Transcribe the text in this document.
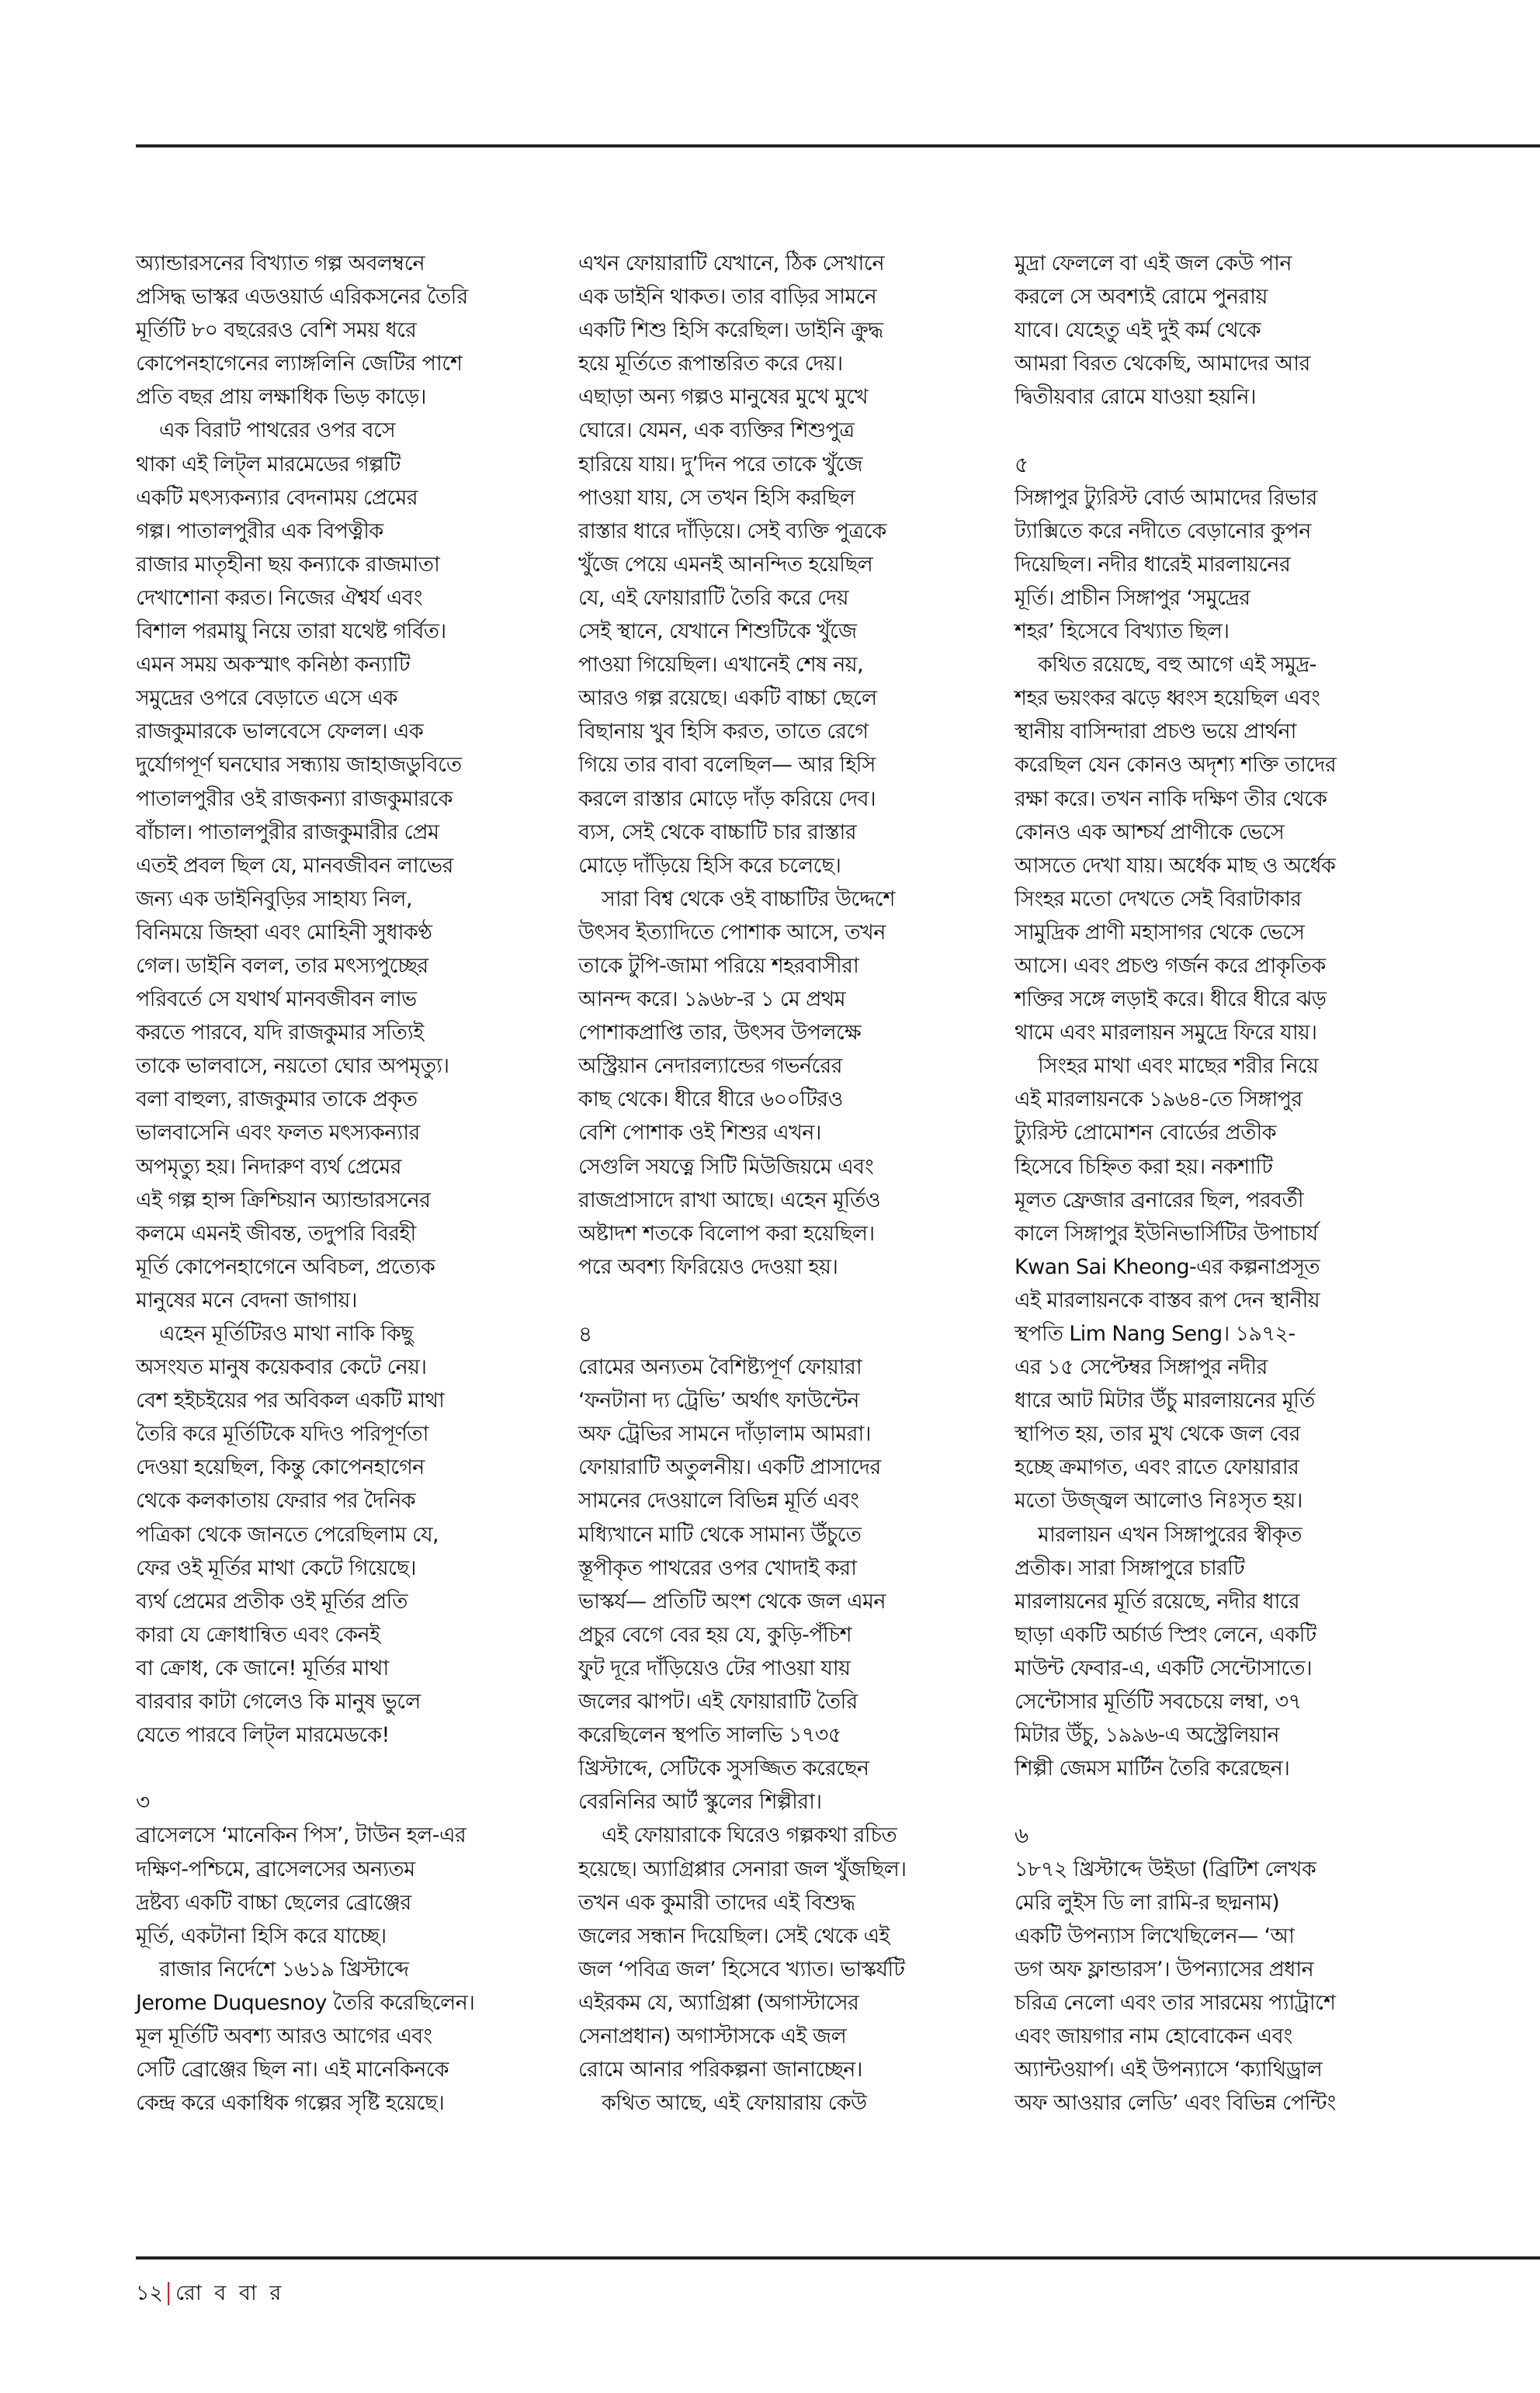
অ্যান্ডারসনের বিখ্যাত গল্প অবলম্বনে
প্রসিদ্ধ ভাস্কর এডওয়ার্ড এরিকসনের তৈরি
মূর্তিটি ৮০ বছরেরও বেশি সময় ধরে
কোপেনহাগেনের ল্যাঙ্গলিনি জেটির পাশে
প্রতি বছর প্রায় লক্ষাধিক ভিড় কাড়ে।
এক বিরাট পাথরের ওপর বসে
থাকা এই লিট্‌ল মারমেডের গল্পটি
একটি মৎস্যকন্যার বেদনাময় প্রেমের
গল্প। পাতালপুরীর এক বিপত্নীক
রাজার মাতৃহীনা ছয় কন্যাকে রাজমাতা
দেখাশোনা করত। নিজের ঐশ্বর্য এবং
বিশাল পরমায়ু নিয়ে তারা যথেষ্ট গর্বিত।
এমন সময় অকস্মাৎ কনিষ্ঠা কন্যাটি
সমুদ্রের ওপরে বেড়াতে এসে এক
রাজকুমারকে ভালবেসে ফেলল। এক
দুর্যোগপূর্ণ ঘনঘোর সন্ধ্যায় জাহাজডুবিতে
পাতালপুরীর ওই রাজকন্যা রাজকুমারকে
বাঁচাল। পাতালপুরীর রাজকুমারীর প্রেম
এতই প্রবল ছিল যে, মানবজীবন লাভের
জন্য এক ডাইনিবুড়ির সাহায্য নিল,
বিনিময়ে জিহ্বা এবং মোহিনী সুধাকণ্ঠ
গেল। ডাইনি বলল, তার মৎস্যপুচ্ছের
পরিবর্তে সে যথার্থ মানবজীবন লাভ
করতে পারবে, যদি রাজকুমার সত্যিই
তাকে ভালবাসে, নয়তো ঘোর অপমৃত্যু।
বলা বাহুল্য, রাজকুমার তাকে প্রকৃত
ভালবাসেনি এবং ফলত মৎস্যকন্যার
অপমৃত্যু হয়। নিদারুণ ব্যর্থ প্রেমের
এই গল্প হান্স ক্রিশ্চিয়ান অ্যান্ডারসনের
কলমে এমনই জীবন্ত, তদুপরি বিরহী
মূর্তি কোপেনহাগেনে অবিচল, প্রত্যেক
মানুষের মনে বেদনা জাগায়।
এহেন মূর্তিটিরও মাথা নাকি কিছু
অসংযত মানুষ কয়েকবার কেটে নেয়।
বেশ হইচইয়ের পর অবিকল একটি মাথা
তৈরি করে মূর্তিটিকে যদিও পরিপূর্ণতা
দেওয়া হয়েছিল, কিন্তু কোপেনহাগেন
থেকে কলকাতায় ফেরার পর দৈনিক
পত্রিকা থেকে জানতে পেরেছিলাম যে,
ফের ওই মূর্তির মাথা কেটে গিয়েছে।
ব্যর্থ প্রেমের প্রতীক ওই মূর্তির প্রতি
কারা যে ক্রোধান্বিত এবং কেনই
বা ক্রোধ, কে জানে! মূর্তির মাথা
বারবার কাটা গেলেও কি মানুষ ভুলে
যেতে পারবে লিট্‌ল মারমেডকে!
৩
ব্রাসেলসে ‘মানেকিন পিস’, টাউন হল-এর
দক্ষিণ-পশ্চিমে, ব্রাসেলসের অন্যতম
দ্রষ্টব্য একটি বাচ্চা ছেলের ব্রোঞ্জের
মূর্তি, একটানা হিসি করে যাচ্ছে।
রাজার নির্দেশে ১৬১৯ খ্রিস্টাব্দে
Jerome Duquesnoy তৈরি করেছিলেন।
মূল মূর্তিটি অবশ্য আরও আগের এবং
সেটি ব্রোঞ্জের ছিল না। এই মানেকিনকে
কেন্দ্র করে একাধিক গল্পের সৃষ্টি হয়েছে।
এখন ফোয়ারাটি যেখানে, ঠিক সেখানে
এক ডাইনি থাকত। তার বাড়ির সামনে
একটি শিশু হিসি করেছিল। ডাইনি ক্রুদ্ধ
হয়ে মূর্তিতে রূপান্তরিত করে দেয়।
এছাড়া অন্য গল্পও মানুষের মুখে মুখে
ঘোরে। যেমন, এক ব্যক্তির শিশুপুত্র
হারিয়ে যায়। দু’দিন পরে তাকে খুঁজে
পাওয়া যায়, সে তখন হিসি করছিল
রাস্তার ধারে দাঁড়িয়ে। সেই ব্যক্তি পুত্রকে
খুঁজে পেয়ে এমনই আনন্দিত হয়েছিল
যে, এই ফোয়ারাটি তৈরি করে দেয়
সেই স্থানে, যেখানে শিশুটিকে খুঁজে
পাওয়া গিয়েছিল। এখানেই শেষ নয়,
আরও গল্প রয়েছে। একটি বাচ্চা ছেলে
বিছানায় খুব হিসি করত, তাতে রেগে
গিয়ে তার বাবা বলেছিল— আর হিসি
করলে রাস্তার মোড়ে দাঁড় করিয়ে দেব।
ব্যস, সেই থেকে বাচ্চাটি চার রাস্তার
মোড়ে দাঁড়িয়ে হিসি করে চলেছে।
সারা বিশ্ব থেকে ওই বাচ্চাটির উদ্দেশে
উৎসব ইত্যাদিতে পোশাক আসে, তখন
তাকে টুপি-জামা পরিয়ে শহরবাসীরা
আনন্দ করে। ১৯৬৮-র ১ মে প্রথম
পোশাকপ্রাপ্তি তার, উৎসব উপলক্ষে
অস্ট্রিয়ান নেদারল্যান্ডের গভর্নরের
কাছ থেকে। ধীরে ধীরে ৬০০টিরও
বেশি পোশাক ওই শিশুর এখন।
সেগুলি সযত্নে সিটি মিউজিয়মে এবং
রাজপ্রাসাদে রাখা আছে। এহেন মূর্তিও
অষ্টাদশ শতকে বিলোপ করা হয়েছিল।
পরে অবশ্য ফিরিয়েও দেওয়া হয়।
৪
রোমের অন্যতম বৈশিষ্ট্যপূর্ণ ফোয়ারা
‘ফনটানা দ্য ট্রেভি’ অর্থাৎ ফাউন্টেন
অফ ট্রেভির সামনে দাঁড়ালাম আমরা।
ফোয়ারাটি অতুলনীয়। একটি প্রাসাদের
সামনের দেওয়ালে বিভিন্ন মূর্তি এবং
মধ্যিখানে মাটি থেকে সামান্য উঁচুতে
স্তূপীকৃত পাথরের ওপর খোদাই করা
ভাস্কর্য— প্রতিটি অংশ থেকে জল এমন
প্রচুর বেগে বের হয় যে, কুড়ি-পঁচিশ
ফুট দূরে দাঁড়িয়েও টের পাওয়া যায়
জলের ঝাপট। এই ফোয়ারাটি তৈরি
করেছিলেন স্থপতি সালভি ১৭৩৫
খ্রিস্টাব্দে, সেটিকে সুসজ্জিত করেছেন
বেরনিনির আর্ট স্কুলের শিল্পীরা।
এই ফোয়ারাকে ঘিরেও গল্পকথা রচিত
হয়েছে। অ্যাগ্রিপ্পার সেনারা জল খুঁজছিল।
তখন এক কুমারী তাদের এই বিশুদ্ধ
জলের সন্ধান দিয়েছিল। সেই থেকে এই
জল ‘পবিত্র জল’ হিসেবে খ্যাত। ভাস্কর্যটি
এইরকম যে, অ্যাগ্রিপ্পা (অগাস্টাসের
সেনাপ্রধান) অগাস্টাসকে এই জল
রোমে আনার পরিকল্পনা জানাচ্ছেন।
কথিত আছে, এই ফোয়ারায় কেউ
মুদ্রা ফেললে বা এই জল কেউ পান
করলে সে অবশ্যই রোমে পুনরায়
যাবে। যেহেতু এই দুই কর্ম থেকে
আমরা বিরত থেকেছি, আমাদের আর
দ্বিতীয়বার রোমে যাওয়া হয়নি।
৫
সিঙ্গাপুর ট্যুরিস্ট বোর্ড আমাদের রিভার
ট্যাক্সিতে করে নদীতে বেড়ানোর কুপন
দিয়েছিল। নদীর ধারেই মারলায়নের
মূর্তি। প্রাচীন সিঙ্গাপুর ‘সমুদ্রের
শহর’ হিসেবে বিখ্যাত ছিল।
কথিত রয়েছে, বহু আগে এই সমুদ্র-
শহর ভয়ংকর ঝড়ে ধ্বংস হয়েছিল এবং
স্থানীয় বাসিন্দারা প্রচণ্ড ভয়ে প্রার্থনা
করেছিল যেন কোনও অদৃশ্য শক্তি তাদের
রক্ষা করে। তখন নাকি দক্ষিণ তীর থেকে
কোনও এক আশ্চর্য প্রাণীকে ভেসে
আসতে দেখা যায়। অর্ধেক মাছ ও অর্ধেক
সিংহর মতো দেখতে সেই বিরাটাকার
সামুদ্রিক প্রাণী মহাসাগর থেকে ভেসে
আসে। এবং প্রচণ্ড গর্জন করে প্রাকৃতিক
শক্তির সঙ্গে লড়াই করে। ধীরে ধীরে ঝড়
থামে এবং মারলায়ন সমুদ্রে ফিরে যায়।
সিংহর মাথা এবং মাছের শরীর নিয়ে
এই মারলায়নকে ১৯৬৪-তে সিঙ্গাপুর
ট্যুরিস্ট প্রোমোশন বোর্ডের প্রতীক
হিসেবে চিহ্নিত করা হয়। নকশাটি
মূলত ফ্রেজার ব্রনারের ছিল, পরবর্তী
কালে সিঙ্গাপুর ইউনিভার্সিটির উপাচার্য
Kwan Sai Kheong-এর কল্পনাপ্রসূত
এই মারলায়নকে বাস্তব রূপ দেন স্থানীয়
স্থপতি Lim Nang Seng। ১৯৭২-
এর ১৫ সেপ্টেম্বর সিঙ্গাপুর নদীর
ধারে আট মিটার উঁচু মারলায়নের মূর্তি
স্থাপিত হয়, তার মুখ থেকে জল বের
হচ্ছে ক্রমাগত, এবং রাতে ফোয়ারার
মতো উজ্জ্বল আলোও নিঃসৃত হয়।
মারলায়ন এখন সিঙ্গাপুরের স্বীকৃত
প্রতীক। সারা সিঙ্গাপুরে চারটি
মারলায়নের মূর্তি রয়েছে, নদীর ধারে
ছাড়া একটি অর্চার্ড স্প্রিং লেনে, একটি
মাউন্ট ফেবার-এ, একটি সেন্টোসাতে।
সেন্টোসার মূর্তিটি সবচেয়ে লম্বা, ৩৭
মিটার উঁচু, ১৯৯৬-এ অস্ট্রেলিয়ান
শিল্পী জেমস মার্টিন তৈরি করেছেন।
৬
১৮৭২ খ্রিস্টাব্দে উইডা (ব্রিটিশ লেখক
মেরি লুইস ডি লা রামি-র ছদ্মনাম)
একটি উপন্যাস লিখেছিলেন— ‘আ
ডগ অফ ফ্লান্ডারস’। উপন্যাসের প্রধান
চরিত্র নেলো এবং তার সারমেয় প্যাট্রাশে
এবং জায়গার নাম হোবোকেন এবং
অ্যান্টওয়ার্প। এই উপন্যাসে ‘ক্যাথিড্রাল
অফ আওয়ার লেডি’ এবং বিভিন্ন পেন্টিং
১২ রো ব বা র
